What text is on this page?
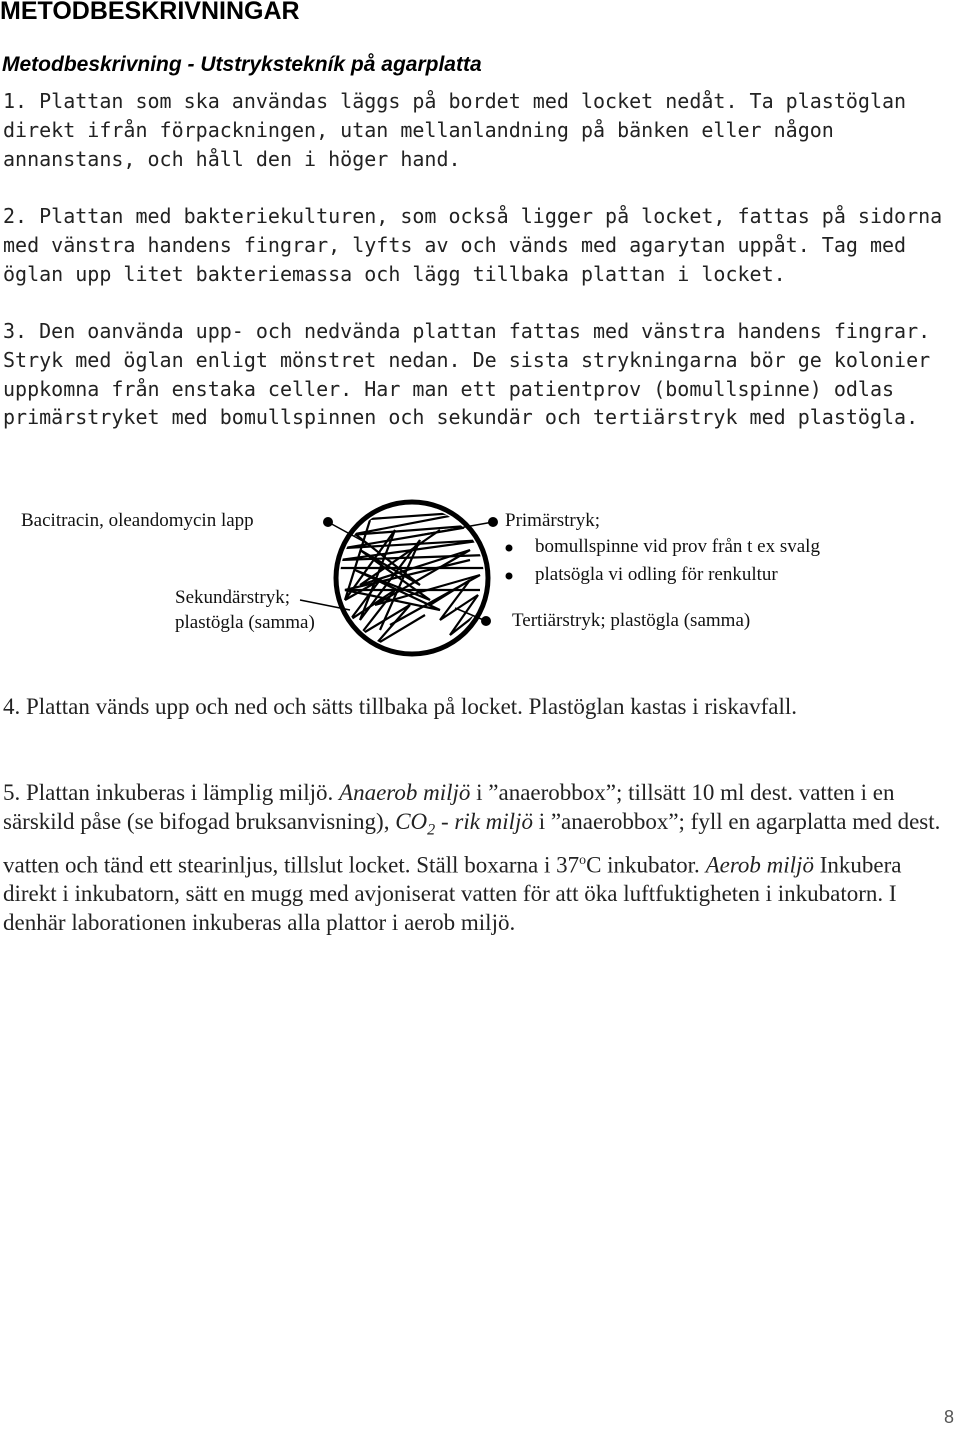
METODBESKRIVNINGAR
Metodbeskrivning - Utstrykstekník på agarplatta

1. Plattan som ska användas läggs på bordet med locket nedåt. Ta plastöglan direkt ifrån förpackningen, utan mellanlandning på bänken eller någon annanstans, och håll den i höger hand.

2. Plattan med bakteriekulturen, som också ligger på locket, fattas på sidorna med vänstra handens fingrar, lyfts av och vänds med agarytan uppåt. Tag med öglan upp litet bakteriemassa och lägg tillbaka plattan i locket.

3. Den oanvända upp- och nedvända plattan fattas med vänstra handens fingrar. Stryk med öglan enligt mönstret nedan. De sista strykningarna bör ge kolonier uppkomna från enstaka celler. Har man ett patientprov (bomullspinne) odlas primärstryket med bomullspinnen och sekundär och tertiärstryk med plastögla.

Bacitracin, oleandomycin lapp
Sekundärstryk;
plastögla (samma)
Primärstryk;
bomullspinne vid prov från t ex svalg
platsögla vi odling för renkultur
Tertiärstryk; plastögla (samma)

4. Plattan vänds upp och ned och sätts tillbaka på locket. Plastöglan kastas i riskavfall.

5. Plattan inkuberas i lämplig miljö. Anaerob miljö i ”anaerobbox”; tillsätt 10 ml dest. vatten i en särskild påse (se bifogad bruksanvisning), $CO_2$ - rik miljö i ”anaerobbox”; fyll en agarplatta med dest. vatten och tänd ett stearinljus, tillslut locket. Ställ boxarna i 37$^o$C inkubator. Aerob miljö Inkubera direkt i inkubatorn, sätt en mugg med avjoniserat vatten för att öka luftfuktigheten i inkubatorn. I denhär laborationen inkuberas alla plattor i aerob miljö.

8
